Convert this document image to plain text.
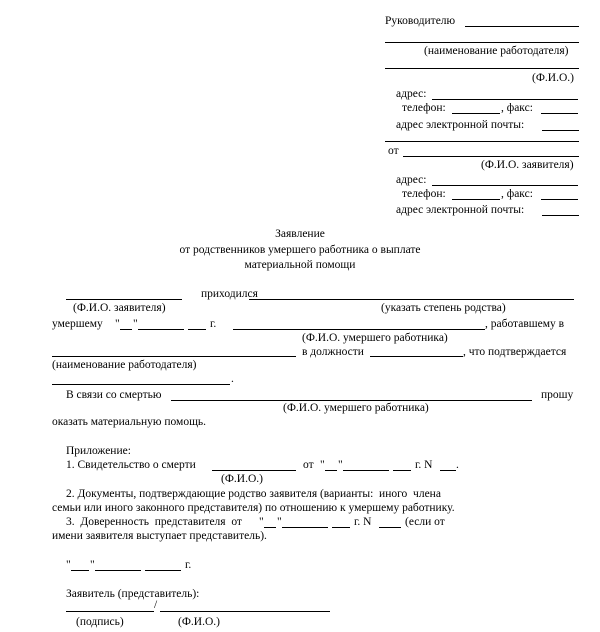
Руководителю
(наименование работодателя)
(Ф.И.О.)
адрес:
телефон:	, факс:
адрес электронной почты:
от
(Ф.И.О. заявителя)
адрес:
телефон:	, факс:
адрес электронной почты:
Заявление
от родственников умершего работника о выплате
материальной помощи
приходился
(Ф.И.О. заявителя)	(указать степень родства)
умершему " "	г.	, работавшему в
(Ф.И.О. умершего работника)
в должности	, что подтверждается
(наименование работодателя)
.
В связи со смертью	прошу
(Ф.И.О. умершего работника)
оказать материальную помощь.
Приложение:
1. Свидетельство о смерти	от " "	г. N .
(Ф.И.О.)
2. Документы, подтверждающие родство заявителя (варианты:  иного  члена
семьи или иного законного представителя) по отношению к умершему работнику.
3.  Доверенность  представителя  от " "	г. N	(если от
имени заявителя выступает представитель).
" "	г.
Заявитель (представитель):
/
(подпись)	(Ф.И.О.)
